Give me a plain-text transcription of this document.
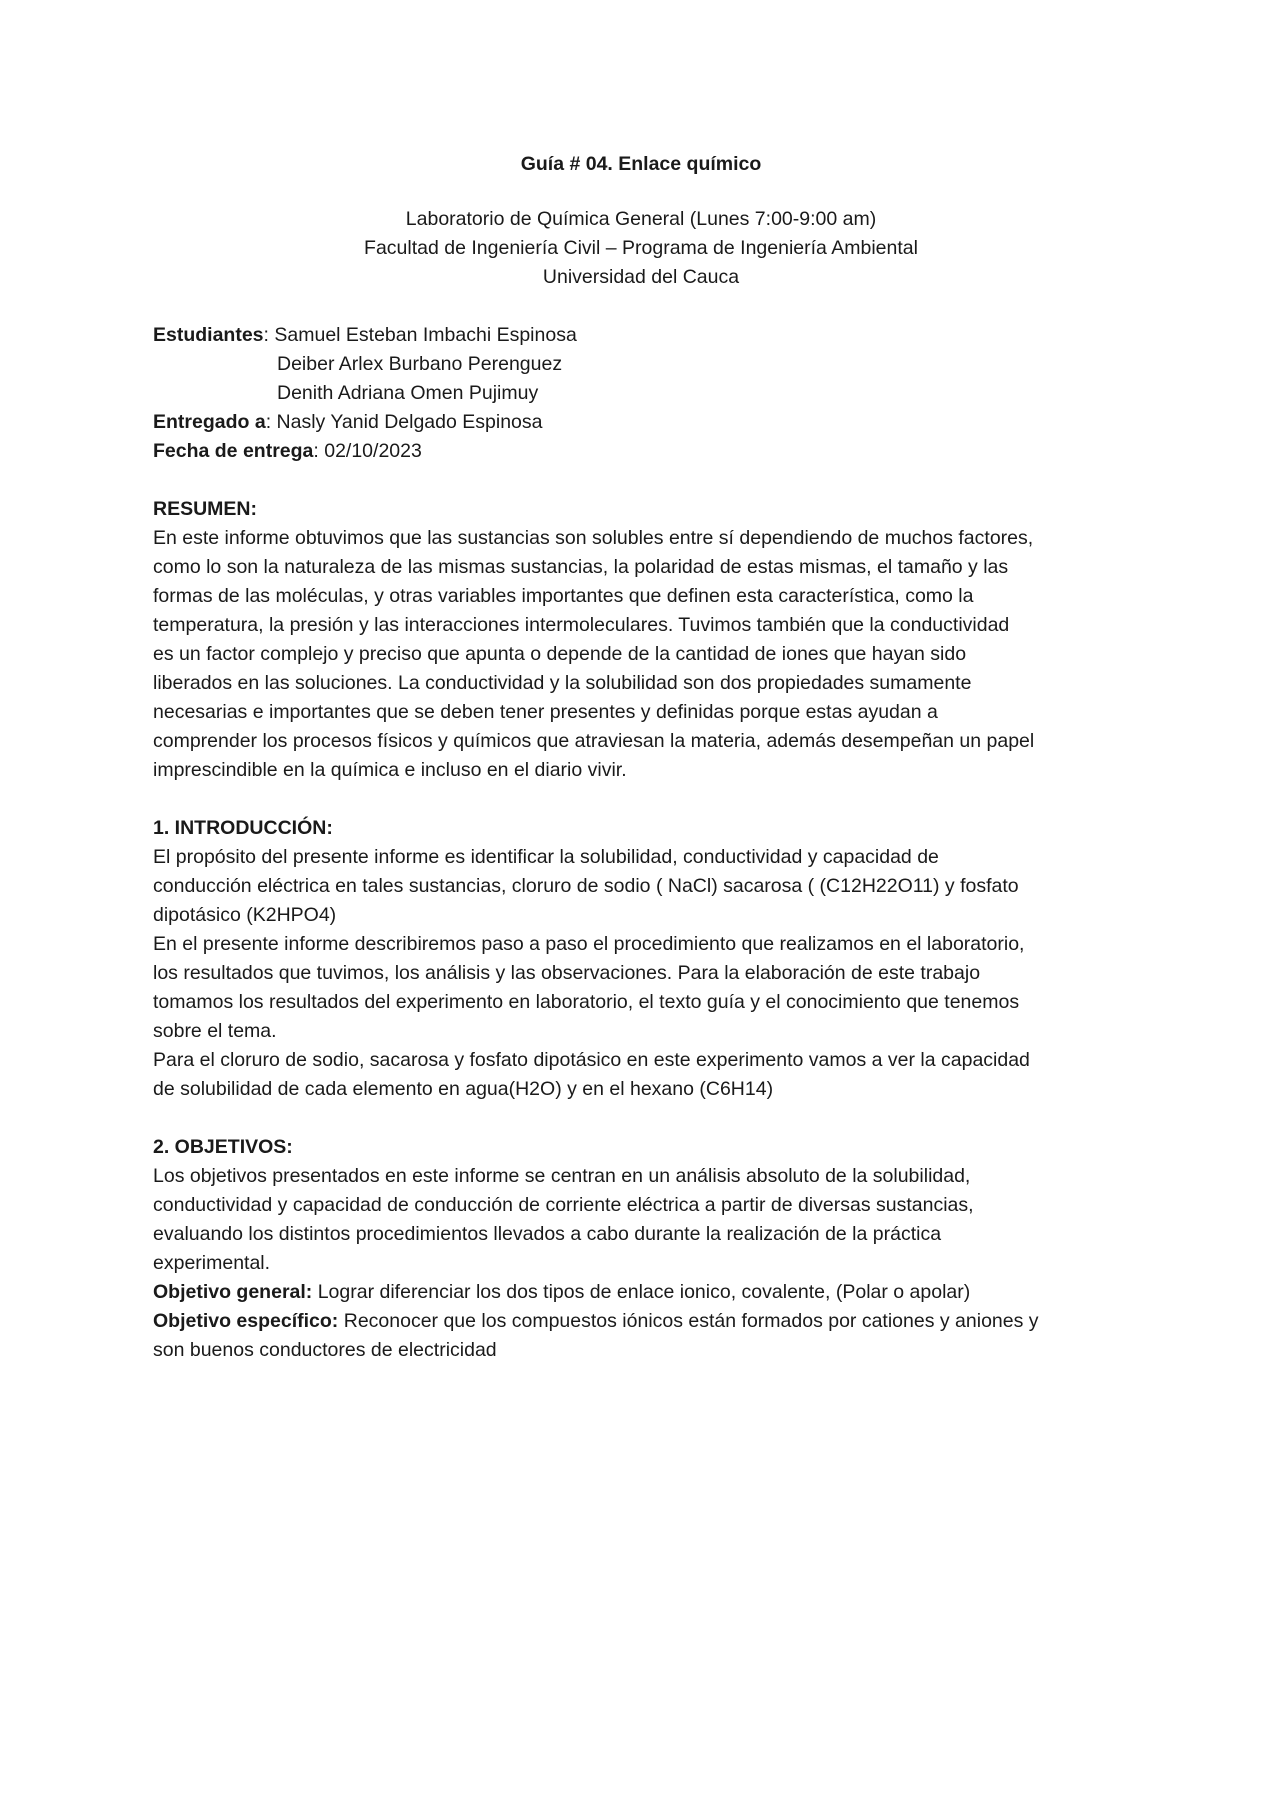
Guía # 04. Enlace químico
Laboratorio de Química General (Lunes 7:00-9:00 am)
Facultad de Ingeniería Civil – Programa de Ingeniería Ambiental
Universidad del Cauca
Estudiantes : Samuel Esteban Imbachi Espinosa
Deiber Arlex Burbano Perenguez
Denith Adriana Omen Pujimuy
Entregado a : Nasly Yanid Delgado Espinosa
Fecha de entrega : 02/10/2023
RESUMEN:

En este informe obtuvimos que las sustancias son solubles entre sí dependiendo de muchos factores,

como lo son la naturaleza de las mismas sustancias, la polaridad de estas mismas, el tamaño y las

formas de las moléculas, y otras variables importantes que definen esta característica, como la

temperatura, la presión y las interacciones intermoleculares. Tuvimos también que la conductividad

es un factor complejo y preciso que apunta o depende de la cantidad de iones que hayan sido

liberados en las soluciones. La conductividad y la solubilidad son dos propiedades sumamente

necesarias e importantes que se deben tener presentes y definidas porque estas ayudan a

comprender los procesos físicos y químicos que atraviesan la materia, además desempeñan un papel

imprescindible en la química e incluso en el diario vivir.

1. INTRODUCCIÓN:

El propósito del presente informe es identificar la solubilidad, conductividad y capacidad de

conducción eléctrica en tales sustancias, cloruro de sodio ( NaCl) sacarosa ( (C12H22O11) y fosfato

dipotásico (K2HPO4)

En el presente informe describiremos paso a paso el procedimiento que realizamos en el laboratorio,

los resultados que tuvimos, los análisis y las observaciones. Para la elaboración de este trabajo

tomamos los resultados del experimento en laboratorio, el texto guía y el conocimiento que tenemos

sobre el tema.

Para el cloruro de sodio, sacarosa y fosfato dipotásico en este experimento vamos a ver la capacidad

de solubilidad de cada elemento en agua(H2O) y en el hexano (C6H14)

2. OBJETIVOS:

Los objetivos presentados en este informe se centran en un análisis absoluto de la solubilidad,

conductividad y capacidad de conducción de corriente eléctrica a partir de diversas sustancias,

evaluando los distintos procedimientos llevados a cabo durante la realización de la práctica

experimental.

Objetivo general: Lograr diferenciar los dos tipos de enlace ionico, covalente, (Polar o apolar)

Objetivo específico: Reconocer que los compuestos iónicos están formados por cationes y aniones y

son buenos conductores de electricidad
